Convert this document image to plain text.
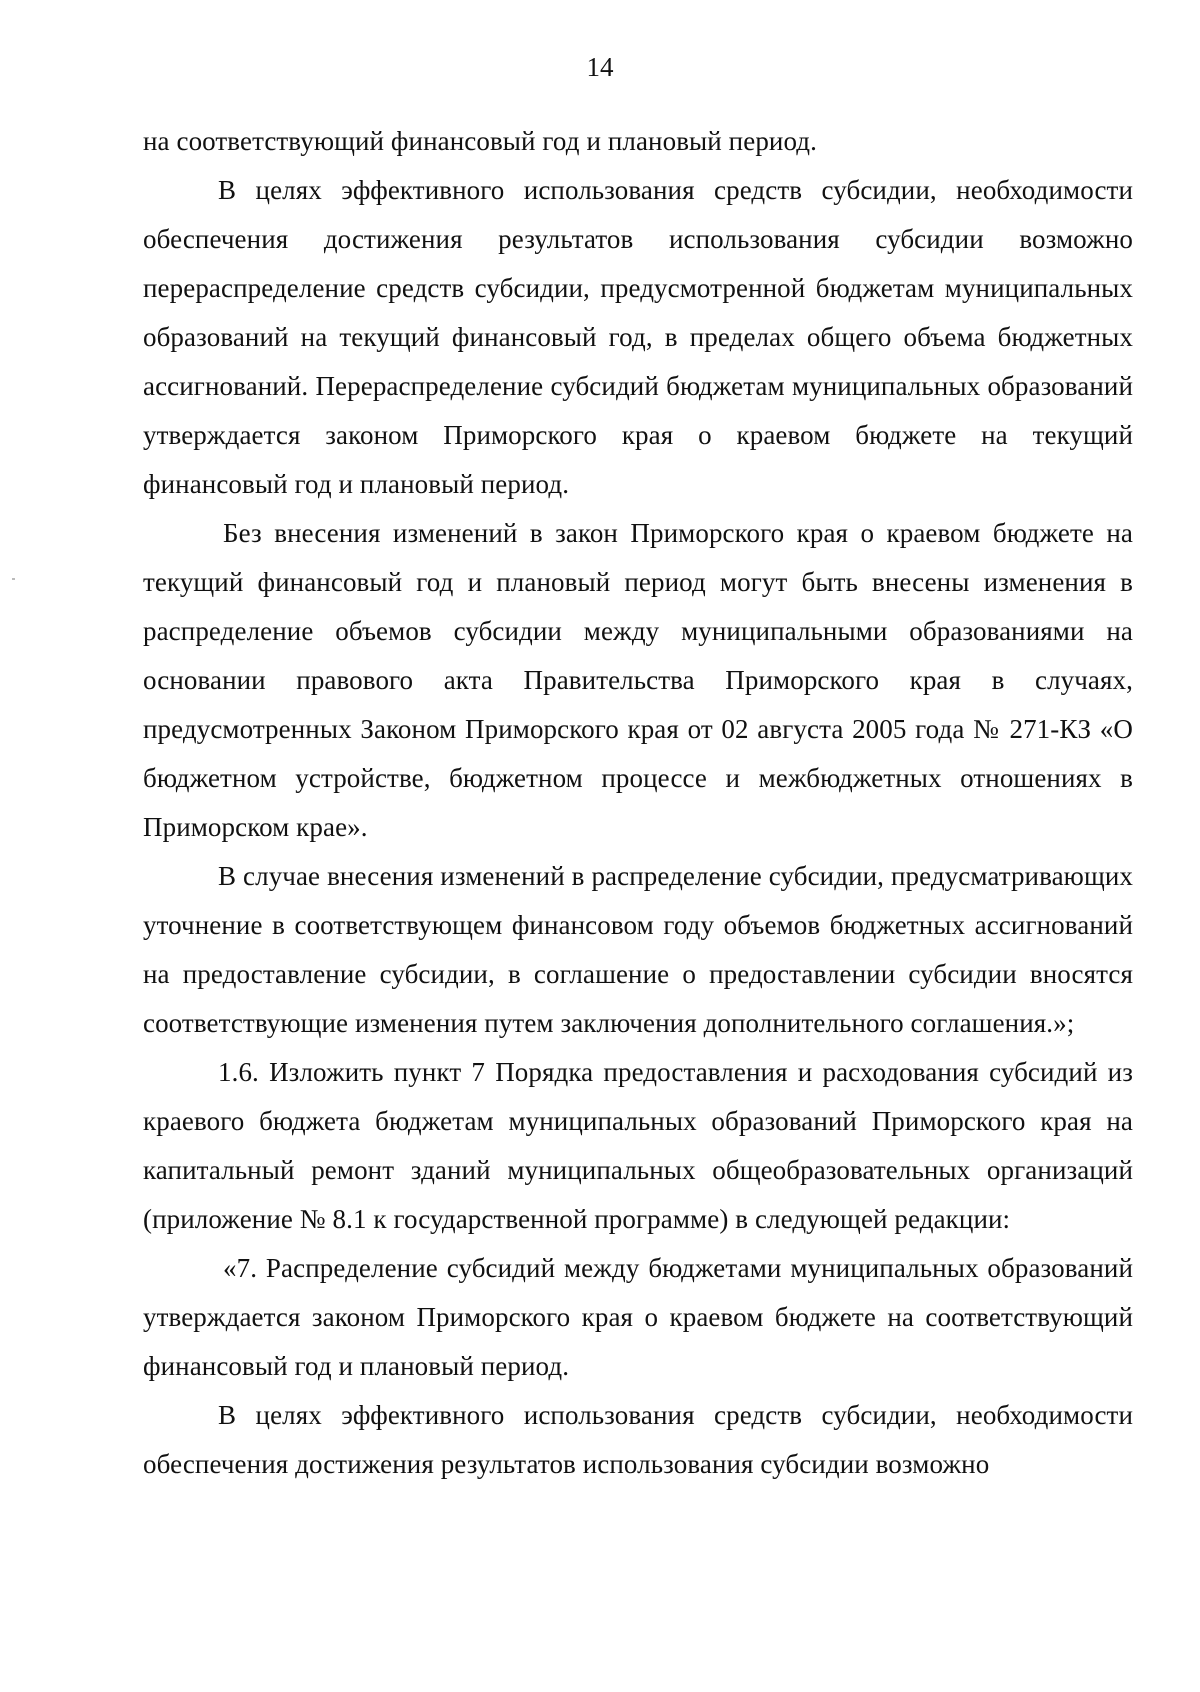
14

на соответствующий финансовый год и плановый период.

В целях эффективного использования средств субсидии, необходимости обеспечения достижения результатов использования субсидии возможно перераспределение средств субсидии, предусмотренной бюджетам муниципальных образований на текущий финансовый год, в пределах общего объема бюджетных ассигнований. Перераспределение субсидий бюджетам муниципальных образований утверждается законом Приморского края о краевом бюджете на текущий финансовый год и плановый период.

Без внесения изменений в закон Приморского края о краевом бюджете на текущий финансовый год и плановый период могут быть внесены изменения в распределение объемов субсидии между муниципальными образованиями на основании правового акта Правительства Приморского края в случаях, предусмотренных Законом Приморского края от 02 августа 2005 года № 271-КЗ «О бюджетном устройстве, бюджетном процессе и межбюджетных отношениях в Приморском крае».

В случае внесения изменений в распределение субсидии, предусматривающих уточнение в соответствующем финансовом году объемов бюджетных ассигнований на предоставление субсидии, в соглашение о предоставлении субсидии вносятся соответствующие изменения путем заключения дополнительного соглашения.»;

1.6. Изложить пункт 7 Порядка предоставления и расходования субсидий из краевого бюджета бюджетам муниципальных образований Приморского края на капитальный ремонт зданий муниципальных общеобразовательных организаций (приложение № 8.1 к государственной программе) в следующей редакции:

«7. Распределение субсидий между бюджетами муниципальных образований утверждается законом Приморского края о краевом бюджете на соответствующий финансовый год и плановый период.

В целях эффективного использования средств субсидии, необходимости обеспечения достижения результатов использования субсидии возможно
